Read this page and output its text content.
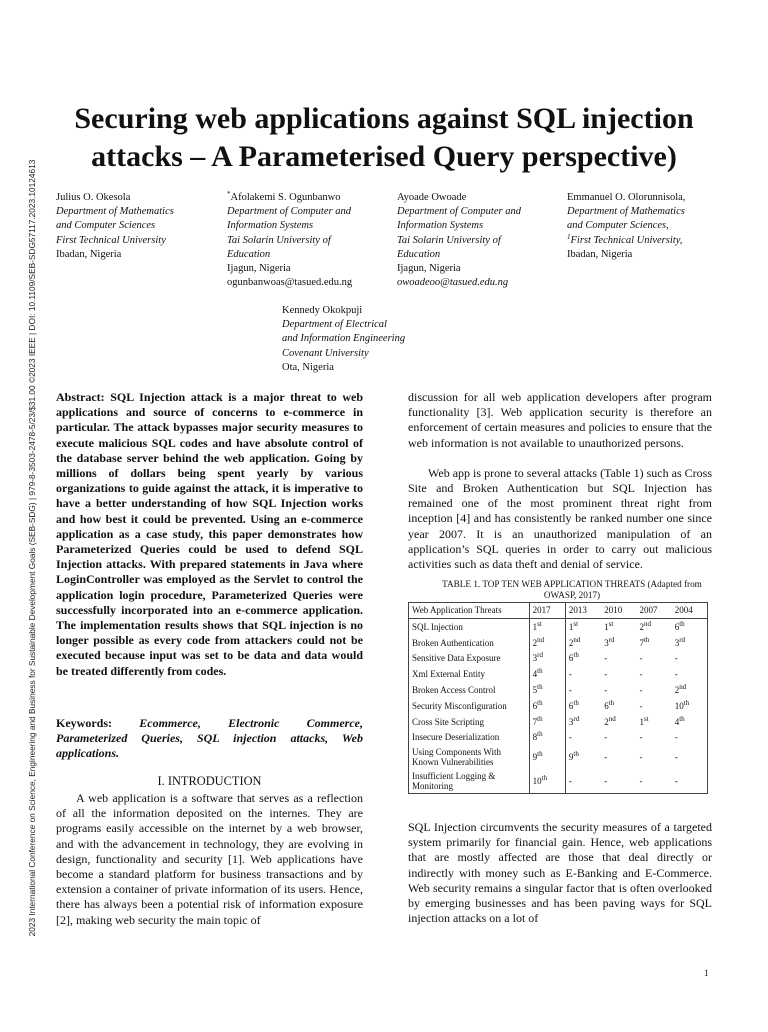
2023 International Conference on Science, Engineering and Business for Sustainable Development Goals (SEB-SDG) | 979-8-3503-2478-5/23/$31.00 ©2023 IEEE | DOI: 10.1109/SEB-SDG57117.2023.10124613
Securing web applications against SQL injection
attacks – A Parameterised Query perspective)
Julius O. Okesola
Department of Mathematics
and Computer Sciences
First Technical University
Ibadan, Nigeria
*Afolakemi S. Ogunbanwo
Department of Computer and
Information Systems
Tai Solarin University of
Education
Ijagun, Nigeria
ogunbanwoas@tasued.edu.ng
Ayoade Owoade
Department of Computer and
Information Systems
Tai Solarin University of
Education
Ijagun, Nigeria
owoadeoo@tasued.edu.ng
Emmanuel O. Olorunnisola,
Department of Mathematics
and Computer Sciences,
$^1$First Technical University,
Ibadan, Nigeria
Kennedy Okokpuji
Department of Electrical
and Information Engineering
Covenant University
Ota, Nigeria

Abstract: SQL Injection attack is a major threat to web applications and source of concerns to e-commerce in particular. The attack bypasses major security measures to execute malicious SQL codes and have absolute control of the database server behind the web application. Going by millions of dollars being spent yearly by various organizations to guide against the attack, it is imperative to have a better understanding of how SQL Injection works and how best it could be prevented. Using an e-commerce application as a case study, this paper demonstrates how Parameterized Queries could be used to defend SQL Injection attacks. With prepared statements in Java where LoginController was employed as the Servlet to control the application login procedure, Parameterized Queries were successfully incorporated into an e-commerce application. The implementation results shows that SQL injection is no longer possible as every code from attackers could not be executed because input was set to be data and data would be treated differently from codes.

Keywords: Ecommerce, Electronic Commerce, Parameterized Queries, SQL injection attacks, Web applications.

I. INTRODUCTION

A web application is a software that serves as a reflection of all the information deposited on the internes. They are programs easily accessible on the internet by a web browser, and with the advancement in technology, they are evolving in design, functionality and security [1]. Web applications have become a standard platform for business transactions and by extension a container of private information of its users. Hence, there has always been a potential risk of information exposure [2], making web security the main topic of

discussion for all web application developers after program functionality [3]. Web application security is therefore an enforcement of certain measures and policies to ensure that the web information is not available to unauthorized persons.

Web app is prone to several attacks (Table 1) such as Cross Site and Broken Authentication but SQL Injection has remained one of the most prominent threat right from inception [4] and has consistently be ranked number one since year 2007. It is an unauthorized manipulation of an application’s SQL queries in order to carry out malicious activities such as data theft and denial of service.

TABLE 1. TOP TEN WEB APPLICATION THREATS (Adapted from
OWASP, 2017)
Web Application Threats	2017	2013	2010	2007	2004

SQL Injection	1st	1st	1st	2nd	6th

Broken Authentication	2nd	2nd	3rd	7th	3rd

Sensitive Data Exposure	3rd	6th	-	-	-

Xml External Entity	4th	-	-	-	-

Broken Access Control	5th	-	-	-	2nd

Security Misconfiguration	6th	6th	6th	-	10th

Cross Site Scripting	7th	3rd	2nd	1st	4th

Insecure Deserialization	8th	-	-	-	-

Using Components With
Known Vulnerabilities	9th	9th	-	-	-

Insufficient Logging &
Monitoring	10th	-	-	-	-

SQL Injection circumvents the security measures of a targeted system primarily for financial gain. Hence, web applications that are mostly affected are those that deal directly or indirectly with money such as E-Banking and E-Commerce. Web security remains a singular factor that is often overlooked by emerging businesses and has been paving ways for SQL injection attacks on a lot of

1
